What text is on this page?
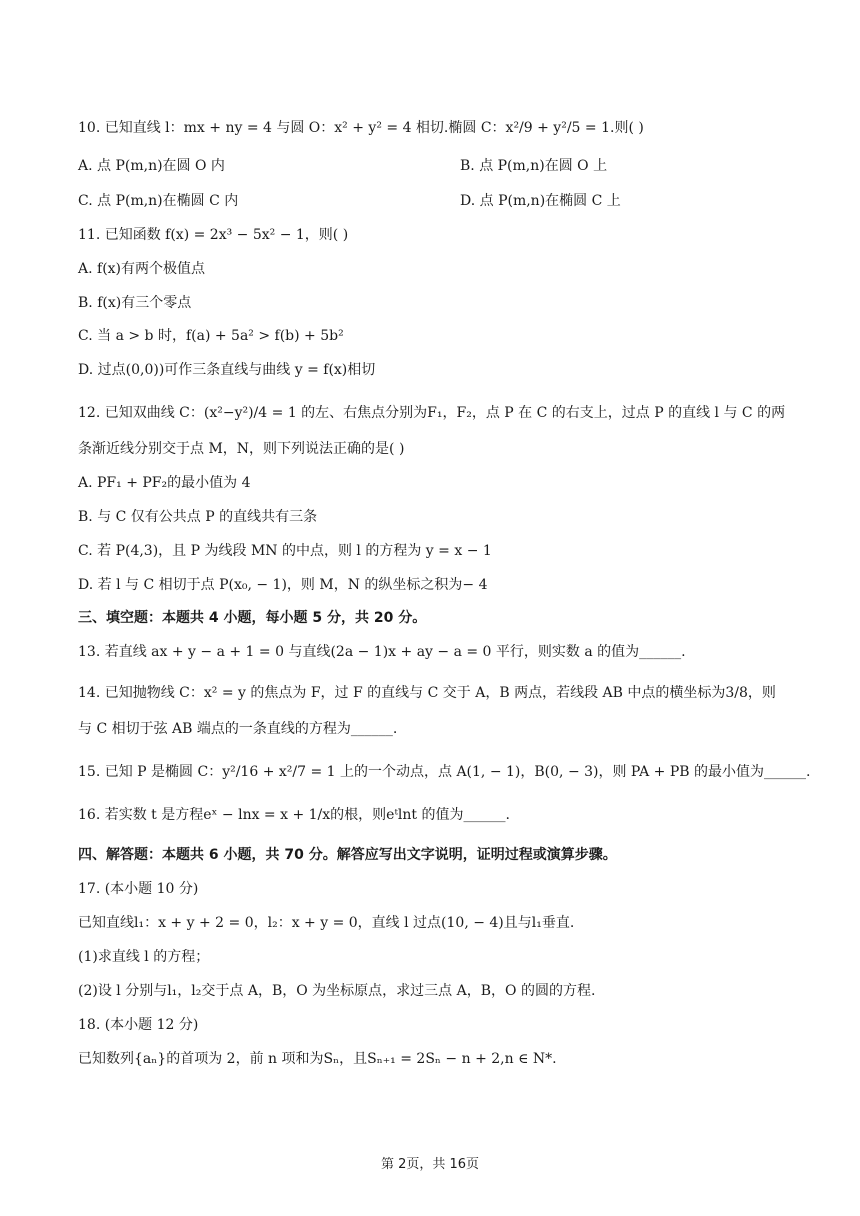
10. 已知直线 l：mx + ny = 4 与圆 O：x² + y² = 4 相切.椭圆 C：x²/9 + y²/5 = 1.则( )
A. 点 P(m,n)在圆 O 内	B. 点 P(m,n)在圆 O 上
C. 点 P(m,n)在椭圆 C 内	D. 点 P(m,n)在椭圆 C 上
11. 已知函数 f(x) = 2x³ − 5x² − 1，则( )
A. f(x)有两个极值点
B. f(x)有三个零点
C. 当 a > b 时，f(a) + 5a² > f(b) + 5b²
D. 过点(0,0))可作三条直线与曲线 y = f(x)相切
12. 已知双曲线 C：(x²−y²)/4 = 1 的左、右焦点分别为F₁，F₂，点 P 在 C 的右支上，过点 P 的直线 l 与 C 的两
条渐近线分别交于点 M，N，则下列说法正确的是( )
A. PF₁ + PF₂的最小值为 4
B. 与 C 仅有公共点 P 的直线共有三条
C. 若 P(4,3)，且 P 为线段 MN 的中点，则 l 的方程为 y = x − 1
D. 若 l 与 C 相切于点 P(x₀, − 1)，则 M，N 的纵坐标之积为− 4
三、填空题：本题共 4 小题，每小题 5 分，共 20 分。
13. 若直线 ax + y − a + 1 = 0 与直线(2a − 1)x + ay − a = 0 平行，则实数 a 的值为______.
14. 已知抛物线 C：x² = y 的焦点为 F，过 F 的直线与 C 交于 A，B 两点，若线段 AB 中点的横坐标为3/8，则
与 C 相切于弦 AB 端点的一条直线的方程为______.
15. 已知 P 是椭圆 C：y²/16 + x²/7 = 1 上的一个动点，点 A(1, − 1)，B(0, − 3)，则 PA + PB 的最小值为______.
16. 若实数 t 是方程eˣ − lnx = x + 1/x的根，则eᵗlnt 的值为______.
四、解答题：本题共 6 小题，共 70 分。解答应写出文字说明，证明过程或演算步骤。
17. (本小题 10 分)
已知直线l₁：x + y + 2 = 0，l₂：x + y = 0，直线 l 过点(10, − 4)且与l₁垂直.
(1)求直线 l 的方程；
(2)设 l 分别与l₁，l₂交于点 A，B，O 为坐标原点，求过三点 A，B，O 的圆的方程.
18. (本小题 12 分)
已知数列{aₙ}的首项为 2，前 n 项和为Sₙ，且Sₙ₊₁ = 2Sₙ − n + 2,n ∈ N*.
第 2页，共 16页
